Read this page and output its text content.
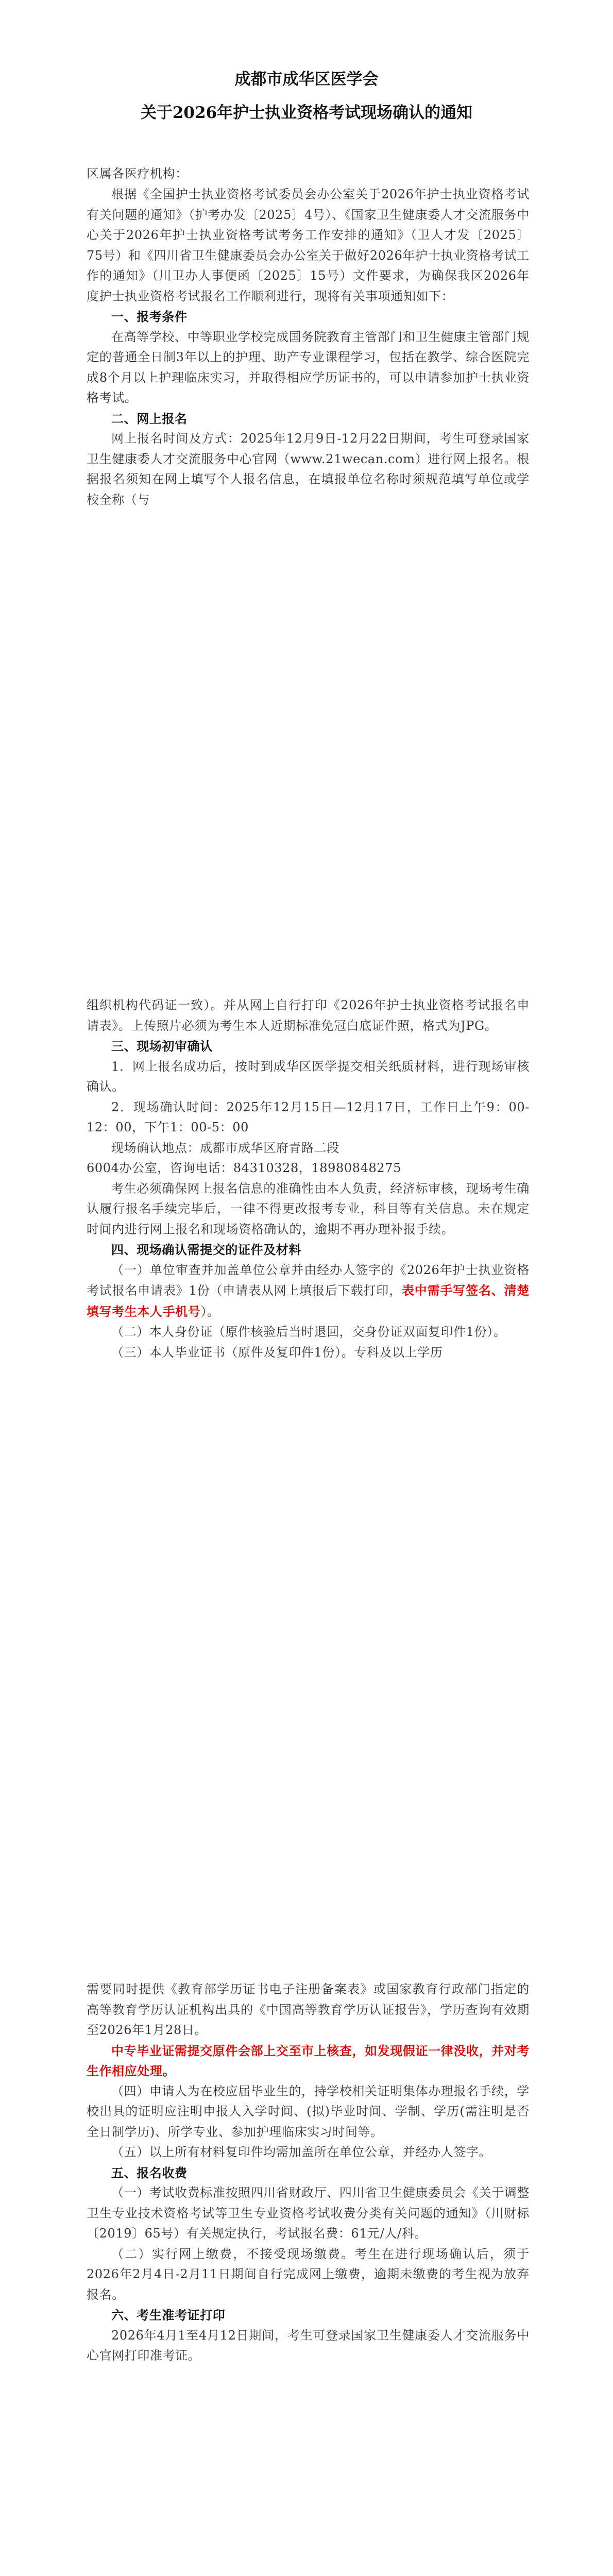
成都市成华区医学会
关于2026年护士执业资格考试现场确认的通知
区属各医疗机构：

根据《全国护士执业资格考试委员会办公室关于2026年护士执业资格考试有关问题的通知》（护考办发〔2025〕4号）、《国家卫生健康委人才交流服务中心关于2026年护士执业资格考试考务工作安排的通知》（卫人才发〔2025〕75号）和《四川省卫生健康委员会办公室关于做好2026年护士执业资格考试工作的通知》（川卫办人事便函〔2025〕15号）文件要求，为确保我区2026年度护士执业资格考试报名工作顺利进行，现将有关事项通知如下：

一、报考条件

在高等学校、中等职业学校完成国务院教育主管部门和卫生健康主管部门规定的普通全日制3年以上的护理、助产专业课程学习，包括在教学、综合医院完成8个月以上护理临床实习，并取得相应学历证书的，可以申请参加护士执业资格考试。

二、网上报名

网上报名时间及方式：2025年12月9日-12月22日期间，考生可登录国家卫生健康委人才交流服务中心官网（www.21wecan.com）进行网上报名。根据报名须知在网上填写个人报名信息，在填报单位名称时须规范填写单位或学校全称（与

组织机构代码证一致）。并从网上自行打印《2026年护士执业资格考试报名申请表》。上传照片必须为考生本人近期标准免冠白底证件照，格式为JPG。

三、现场初审确认

1．网上报名成功后，按时到成华区医学提交相关纸质材料，进行现场审核确认。

2．现场确认时间：2025年12月15日—12月17日，工作日上午9：00-12：00，下午1：00-5：00

现场确认地点：成都市成华区府青路二段

6004办公室，咨询电话：84310328，18980848275

考生必须确保网上报名信息的准确性由本人负责，经济标审核，现场考生确认履行报名手续完毕后，一律不得更改报考专业，科目等有关信息。未在规定时间内进行网上报名和现场资格确认的，逾期不再办理补报手续。

四、现场确认需提交的证件及材料

（一）单位审查并加盖单位公章并由经办人签字的《2026年护士执业资格考试报名申请表》1份（申请表从网上填报后下载打印，表中需手写签名、清楚填写考生本人手机号）。

（二）本人身份证（原件核验后当时退回，交身份证双面复印件1份）。

（三）本人毕业证书（原件及复印件1份）。专科及以上学历

需要同时提供《教育部学历证书电子注册备案表》或国家教育行政部门指定的高等教育学历认证机构出具的《中国高等教育学历认证报告》，学历查询有效期至2026年1月28日。

中专毕业证需提交原件会部上交至市上核查，如发现假证一律没收，并对考生作相应处理。

（四）申请人为在校应届毕业生的，持学校相关证明集体办理报名手续，学校出具的证明应注明申报人入学时间、(拟)毕业时间、学制、学历(需注明是否全日制学历)、所学专业、参加护理临床实习时间等。

（五）以上所有材料复印件均需加盖所在单位公章，并经办人签字。

五、报名收费

（一）考试收费标准按照四川省财政厅、四川省卫生健康委员会《关于调整卫生专业技术资格考试等卫生专业资格考试收费分类有关问题的通知》（川财标〔2019〕65号）有关规定执行，考试报名费：61元/人/科。

（二）实行网上缴费，不接受现场缴费。考生在进行现场确认后，须于2026年2月4日-2月11日期间自行完成网上缴费，逾期未缴费的考生视为放弃报名。

六、考生准考证打印

2026年4月1至4月12日期间，考生可登录国家卫生健康委人才交流服务中心官网打印准考证。
